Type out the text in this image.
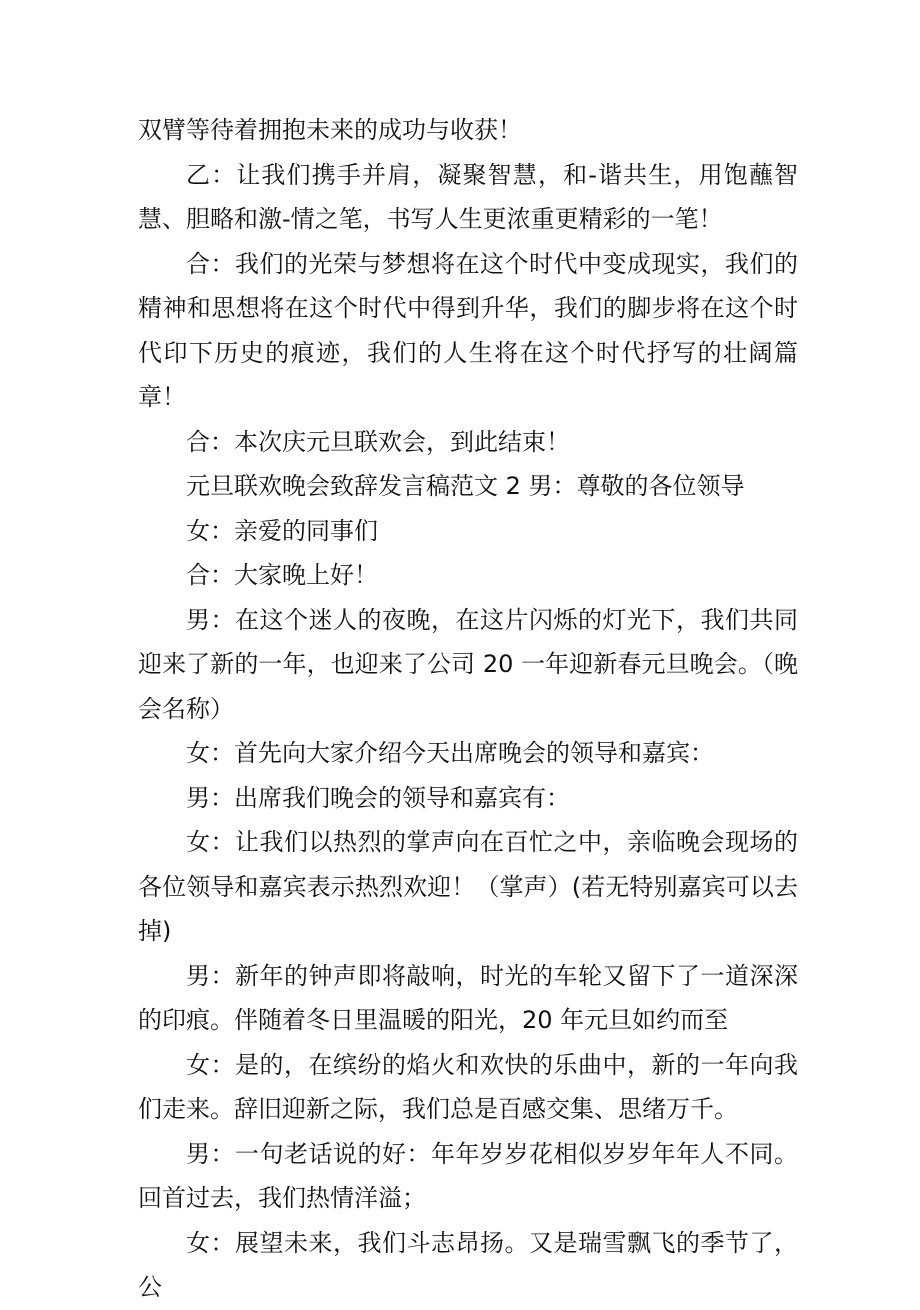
双臂等待着拥抱未来的成功与收获！

乙：让我们携手并肩，凝聚智慧，和-谐共生，用饱蘸智慧、胆略和激-情之笔，书写人生更浓重更精彩的一笔！

合：我们的光荣与梦想将在这个时代中变成现实，我们的精神和思想将在这个时代中得到升华，我们的脚步将在这个时代印下历史的痕迹，我们的人生将在这个时代抒写的壮阔篇章！

合：本次庆元旦联欢会，到此结束！

元旦联欢晚会致辞发言稿范文 2 男：尊敬的各位领导

女：亲爱的同事们

合：大家晚上好！

男：在这个迷人的夜晚，在这片闪烁的灯光下，我们共同迎来了新的一年，也迎来了公司 20 一年迎新春元旦晚会。（晚会名称）

女：首先向大家介绍今天出席晚会的领导和嘉宾：

男：出席我们晚会的领导和嘉宾有：

女：让我们以热烈的掌声向在百忙之中，亲临晚会现场的各位领导和嘉宾表示热烈欢迎！（掌声）(若无特别嘉宾可以去掉)

男：新年的钟声即将敲响，时光的车轮又留下了一道深深的印痕。伴随着冬日里温暖的阳光，20 年元旦如约而至

女：是的，在缤纷的焰火和欢快的乐曲中，新的一年向我们走来。辞旧迎新之际，我们总是百感交集、思绪万千。

男：一句老话说的好：年年岁岁花相似岁岁年年人不同。回首过去，我们热情洋溢；

女：展望未来，我们斗志昂扬。又是瑞雪飘飞的季节了，公
